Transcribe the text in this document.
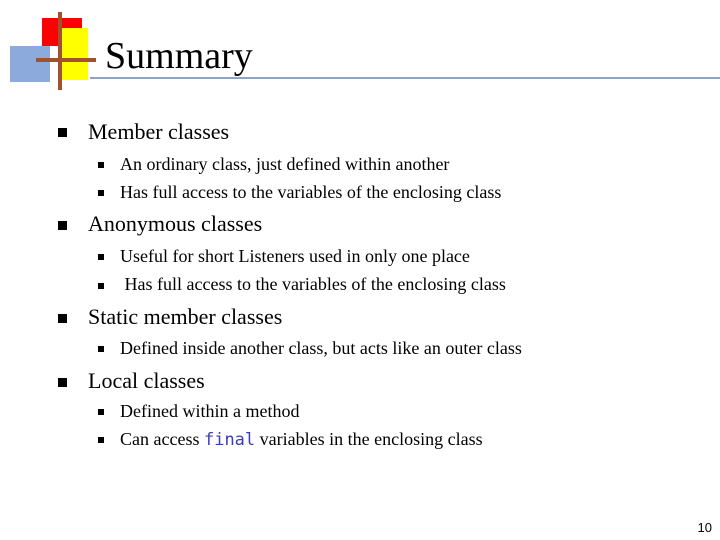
Summary
Member classes
An ordinary class, just defined within another
Has full access to the variables of the enclosing class
Anonymous classes
Useful for short Listeners used in only one place
Has full access to the variables of the enclosing class
Static member classes
Defined inside another class, but acts like an outer class
Local classes
Defined within a method
Can access final variables in the enclosing class
10
